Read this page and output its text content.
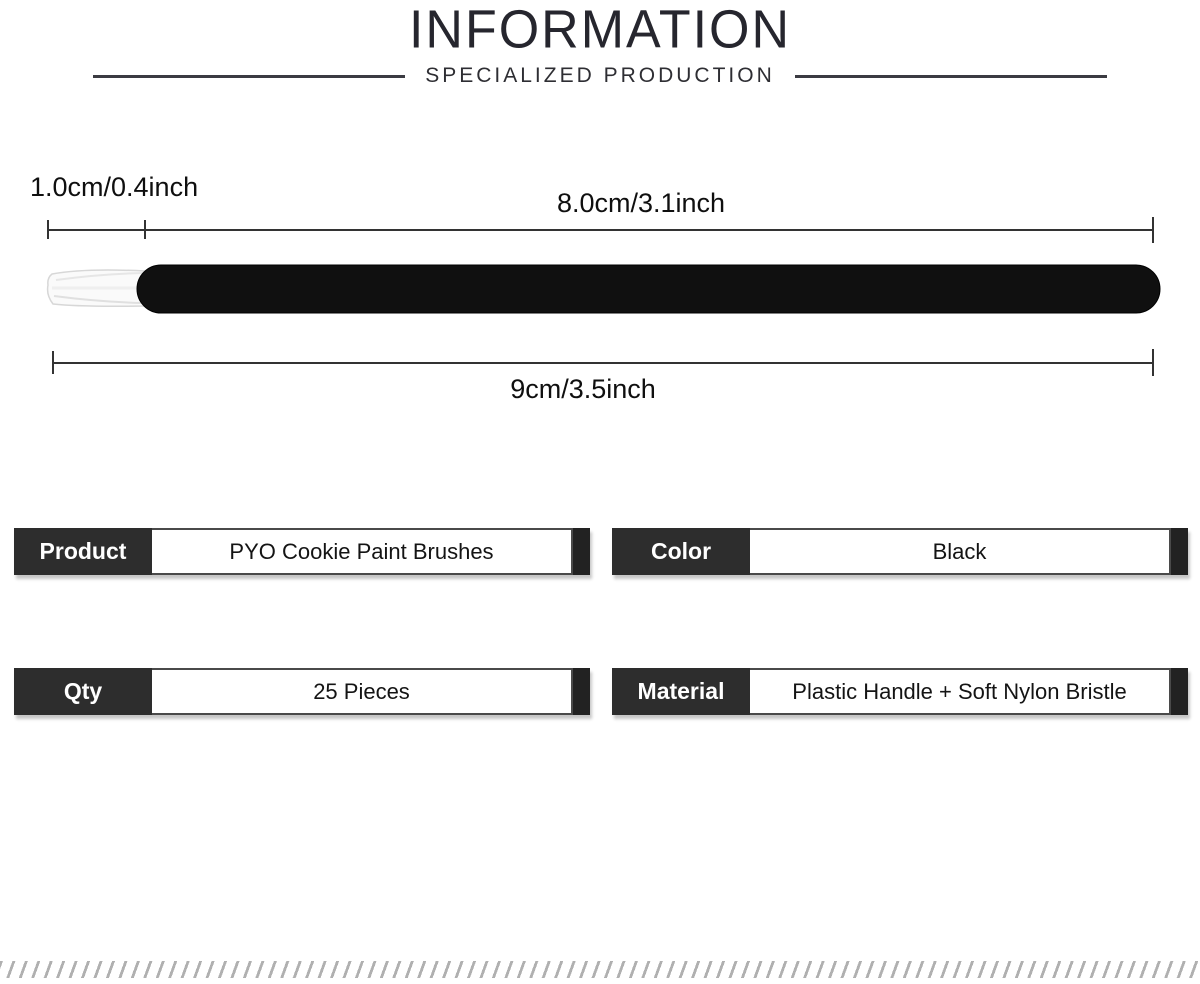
INFORMATION
SPECIALIZED PRODUCTION
1.0cm/0.4inch
8.0cm/3.1inch
9cm/3.5inch
Product	PYO Cookie Paint Brushes	Color	Black
Qty	25 Pieces	Material	Plastic Handle + Soft Nylon Bristle
